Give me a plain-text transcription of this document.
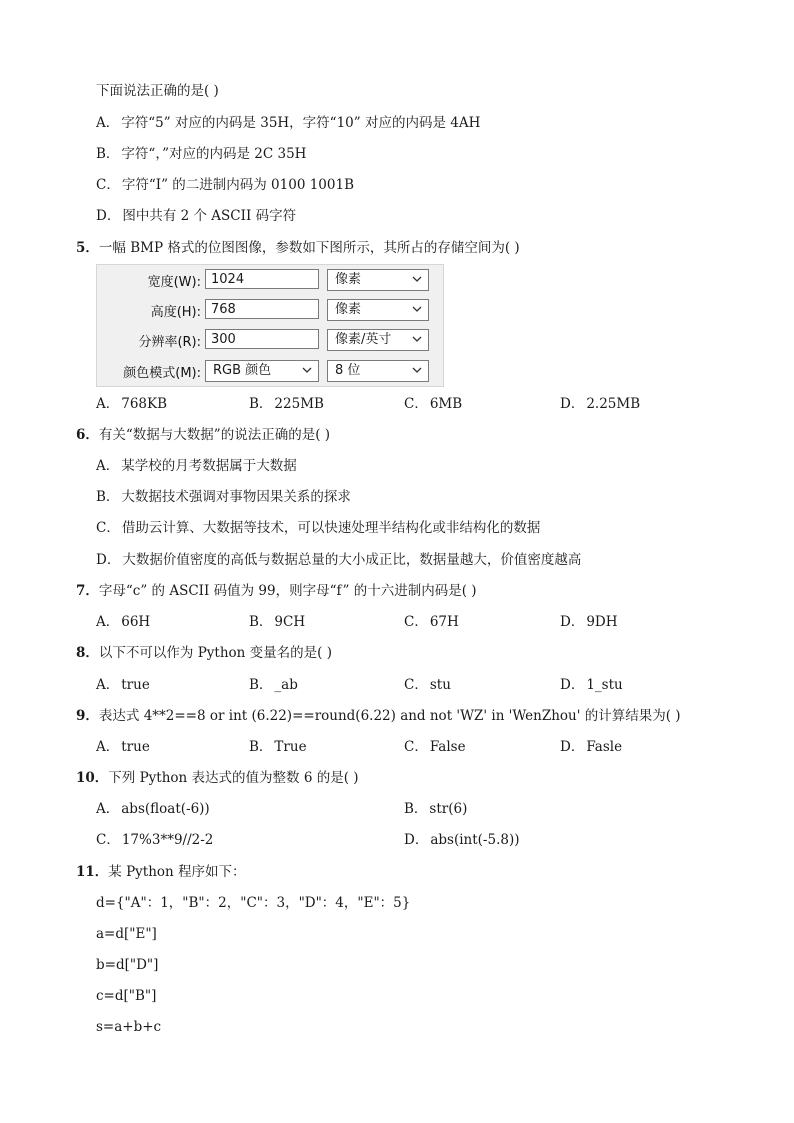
下面说法正确的是( )
A． 字符“5” 对应的内码是 35H，字符“10” 对应的内码是 4AH
B． 字符“，”对应的内码是 2C 35H
C． 字符“I” 的二进制内码为 0100 1001B
D． 图中共有 2 个 ASCII 码字符
5．一幅 BMP 格式的位图图像，参数如下图所示，其所占的存储空间为( )
宽度(W): 1024	像素
高度(H): 768	像素
分辨率(R): 300	像素/英寸
颜色模式(M): RGB 颜色	8 位
A． 768KB	B． 225MB	C． 6MB	D． 2.25MB
6．有关“数据与大数据”的说法正确的是( )
A． 某学校的月考数据属于大数据
B． 大数据技术强调对事物因果关系的探求
C． 借助云计算、大数据等技术，可以快速处理半结构化或非结构化的数据
D． 大数据价值密度的高低与数据总量的大小成正比，数据量越大，价值密度越高
7．字母“c” 的 ASCII 码值为 99，则字母“f” 的十六进制内码是( )
A． 66H	B． 9CH	C． 67H	D． 9DH
8．以下不可以作为 Python 变量名的是( )
A． true	B． _ab	C． stu	D． 1_stu
9．表达式 4**2==8 or int (6.22)==round(6.22) and not 'WZ' in 'WenZhou' 的计算结果为( )
A． true	B． True	C． False	D． Fasle
10．下列 Python 表达式的值为整数 6 的是( )
A． abs(float(-6))	B． str(6)
C． 17%3**9//2-2	D． abs(int(-5.8))
11．某 Python 程序如下：
d={"A"：1，"B"：2，"C"：3，"D"：4，"E"：5}
a=d["E"]
b=d["D"]
c=d["B"]
s=a+b+c
